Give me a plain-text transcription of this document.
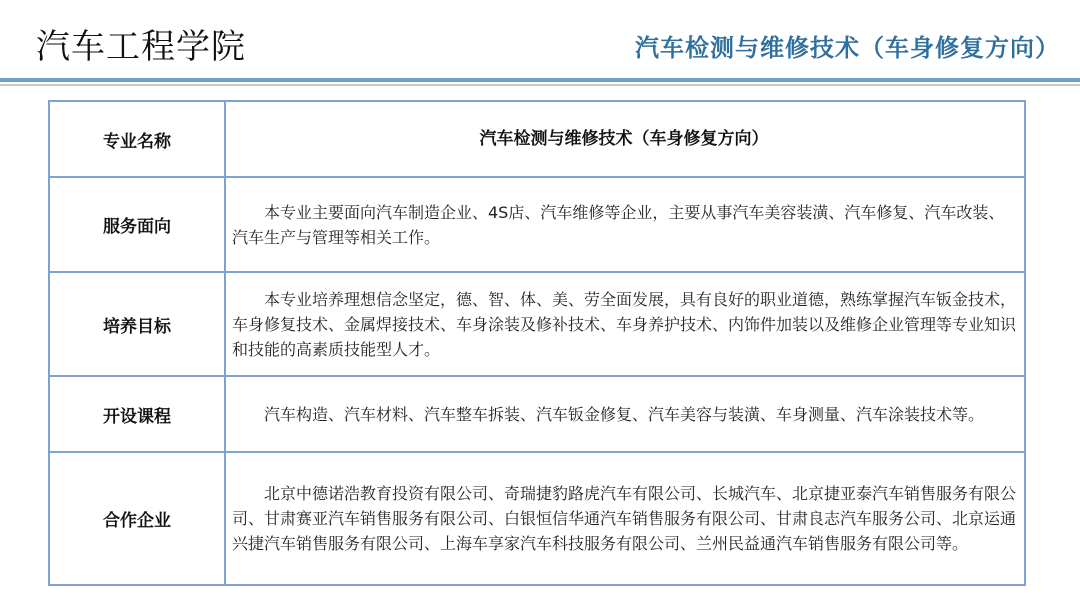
汽车工程学院	汽车检测与维修技术（车身修复方向）
专业名称	汽车检测与维修技术（车身修复方向）
服务面向	本专业主要面向汽车制造企业、4S店、汽车维修等企业，主要从事汽车美容装潢、汽车修复、汽车改装、汽车生产与管理等相关工作。

培养目标	本专业培养理想信念坚定，德、智、体、美、劳全面发展，具有良好的职业道德，熟练掌握汽车钣金技术，车身修复技术、金属焊接技术、车身涂装及修补技术、车身养护技术、内饰件加装以及维修企业管理等专业知识和技能的高素质技能型人才。

开设课程	汽车构造、汽车材料、汽车整车拆装、汽车钣金修复、汽车美容与装潢、车身测量、汽车涂装技术等。

合作企业	北京中德诺浩教育投资有限公司、奇瑞捷豹路虎汽车有限公司、长城汽车、北京捷亚泰汽车销售服务有限公司、甘肃赛亚汽车销售服务有限公司、白银恒信华通汽车销售服务有限公司、甘肃良志汽车服务公司、北京运通兴捷汽车销售服务有限公司、上海车享家汽车科技服务有限公司、兰州民益通汽车销售服务有限公司等。
